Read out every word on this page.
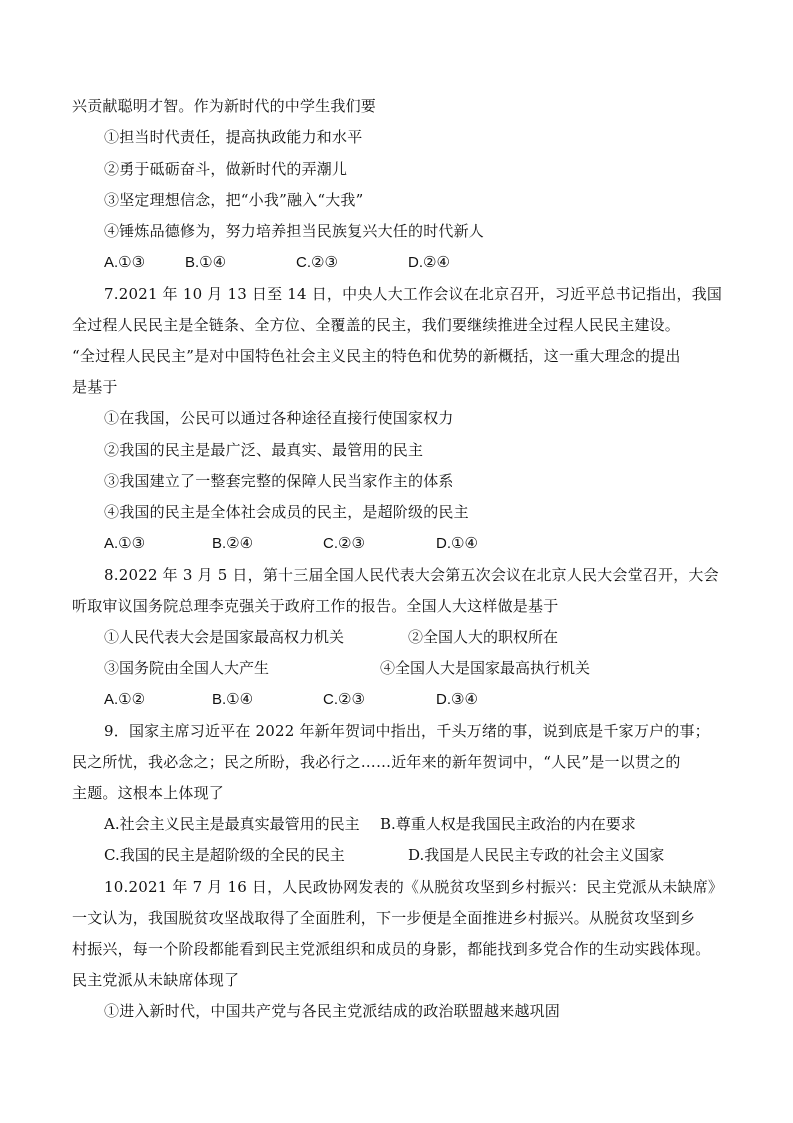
兴贡献聪明才智。作为新时代的中学生我们要
①担当时代责任，提高执政能力和水平
②勇于砥砺奋斗，做新时代的弄潮儿
③坚定理想信念，把“小我”融入“大我”
④锤炼品德修为，努力培养担当民族复兴大任的时代新人
A.①③	B.①④	C.②③	D.②④
7.2021 年 10 月 13 日至 14 日，中央人大工作会议在北京召开，习近平总书记指出，我国
全过程人民民主是全链条、全方位、全覆盖的民主，我们要继续推进全过程人民民主建设。
“全过程人民民主”是对中国特色社会主义民主的特色和优势的新概括，这一重大理念的提出
是基于
①在我国，公民可以通过各种途径直接行使国家权力
②我国的民主是最广泛、最真实、最管用的民主
③我国建立了一整套完整的保障人民当家作主的体系
④我国的民主是全体社会成员的民主，是超阶级的民主
A.①③	B.②④	C.②③	D.①④
8.2022 年 3 月 5 日，第十三届全国人民代表大会第五次会议在北京人民大会堂召开，大会
听取审议国务院总理李克强关于政府工作的报告。全国人大这样做是基于
①人民代表大会是国家最高权力机关	②全国人大的职权所在
③国务院由全国人大产生	④全国人大是国家最高执行机关
A.①②	B.①④	C.②③	D.③④
9．国家主席习近平在 2022 年新年贺词中指出，千头万绪的事，说到底是千家万户的事；
民之所忧，我必念之；民之所盼，我必行之……近年来的新年贺词中，“人民”是一以贯之的
主题。这根本上体现了
A.社会主义民主是最真实最管用的民主 B.尊重人权是我国民主政治的内在要求
C.我国的民主是超阶级的全民的民主	D.我国是人民民主专政的社会主义国家
10.2021 年 7 月 16 日，人民政协网发表的《从脱贫攻坚到乡村振兴：民主党派从未缺席》
一文认为，我国脱贫攻坚战取得了全面胜利，下一步便是全面推进乡村振兴。从脱贫攻坚到乡
村振兴，每一个阶段都能看到民主党派组织和成员的身影，都能找到多党合作的生动实践体现。
民主党派从未缺席体现了
①进入新时代，中国共产党与各民主党派结成的政治联盟越来越巩固
